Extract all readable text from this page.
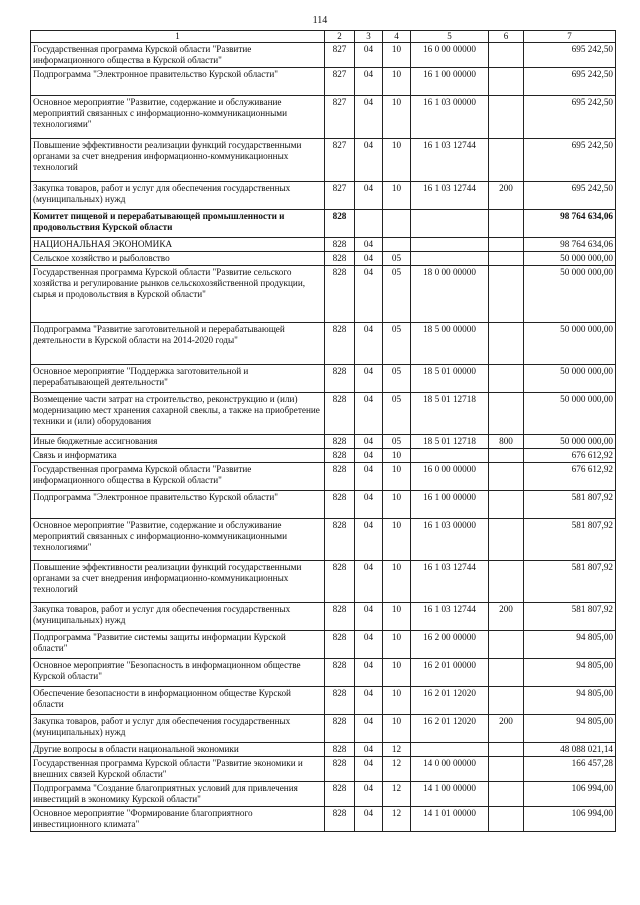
114
1	2	3	4	5	6	7
Государственная программа Курской области "Развитие информационного общества в Курской области"	827	04	10	16 0 00 00000		695 242,50
Подпрограмма "Электронное правительство Курской области"	827	04	10	16 1 00 00000		695 242,50
Основное мероприятие "Развитие, содержание и обслуживание мероприятий связанных с информационно-коммуникационными технологиями"	827	04	10	16 1 03 00000		695 242,50
Повышение эффективности реализации функций государственными органами за счет внедрения информационно-коммуникационных технологий	827	04	10	16 1 03 12744		695 242,50
Закупка товаров, работ и услуг для обеспечения государственных (муниципальных) нужд	827	04	10	16 1 03 12744	200	695 242,50
Комитет пищевой и перерабатывающей промышленности и продовольствия Курской области	828					98 764 634,06
НАЦИОНАЛЬНАЯ ЭКОНОМИКА	828	04				98 764 634,06
Сельское хозяйство и рыболовство	828	04	05			50 000 000,00
Государственная программа Курской области "Развитие сельского хозяйства и регулирование рынков сельскохозяйственной продукции, сырья и продовольствия в Курской области"	828	04	05	18 0 00 00000		50 000 000,00
Подпрограмма "Развитие заготовительной и перерабатывающей деятельности в Курской области на 2014-2020 годы"	828	04	05	18 5 00 00000		50 000 000,00
Основное мероприятие "Поддержка заготовительной и перерабатывающей деятельности"	828	04	05	18 5 01 00000		50 000 000,00
Возмещение части затрат на строительство, реконструкцию и (или) модернизацию мест хранения сахарной свеклы, а также на приобретение техники и (или) оборудования	828	04	05	18 5 01 12718		50 000 000,00
Иные бюджетные ассигнования	828	04	05	18 5 01 12718	800	50 000 000,00
Связь и информатика	828	04	10			676 612,92
Государственная программа Курской области "Развитие информационного общества в Курской области"	828	04	10	16 0 00 00000		676 612,92
Подпрограмма "Электронное правительство Курской области"	828	04	10	16 1 00 00000		581 807,92
Основное мероприятие "Развитие, содержание и обслуживание мероприятий связанных с информационно-коммуникационными технологиями"	828	04	10	16 1 03 00000		581 807,92
Повышение эффективности реализации функций государственными органами за счет внедрения информационно-коммуникационных технологий	828	04	10	16 1 03 12744		581 807,92
Закупка товаров, работ и услуг для обеспечения государственных (муниципальных) нужд	828	04	10	16 1 03 12744	200	581 807,92
Подпрограмма "Развитие системы защиты информации Курской области"	828	04	10	16 2 00 00000		94 805,00
Основное мероприятие "Безопасность в информационном обществе Курской области"	828	04	10	16 2 01 00000		94 805,00
Обеспечение безопасности в информационном обществе Курской области	828	04	10	16 2 01 12020		94 805,00
Закупка товаров, работ и услуг для обеспечения государственных (муниципальных) нужд	828	04	10	16 2 01 12020	200	94 805,00
Другие вопросы в области национальной экономики	828	04	12			48 088 021,14
Государственная программа Курской области "Развитие экономики и внешних связей Курской области"	828	04	12	14 0 00 00000		166 457,28
Подпрограмма "Создание благоприятных условий для привлечения инвестиций в экономику Курской области"	828	04	12	14 1 00 00000		106 994,00
Основное мероприятие "Формирование благоприятного инвестиционного климата"	828	04	12	14 1 01 00000		106 994,00
